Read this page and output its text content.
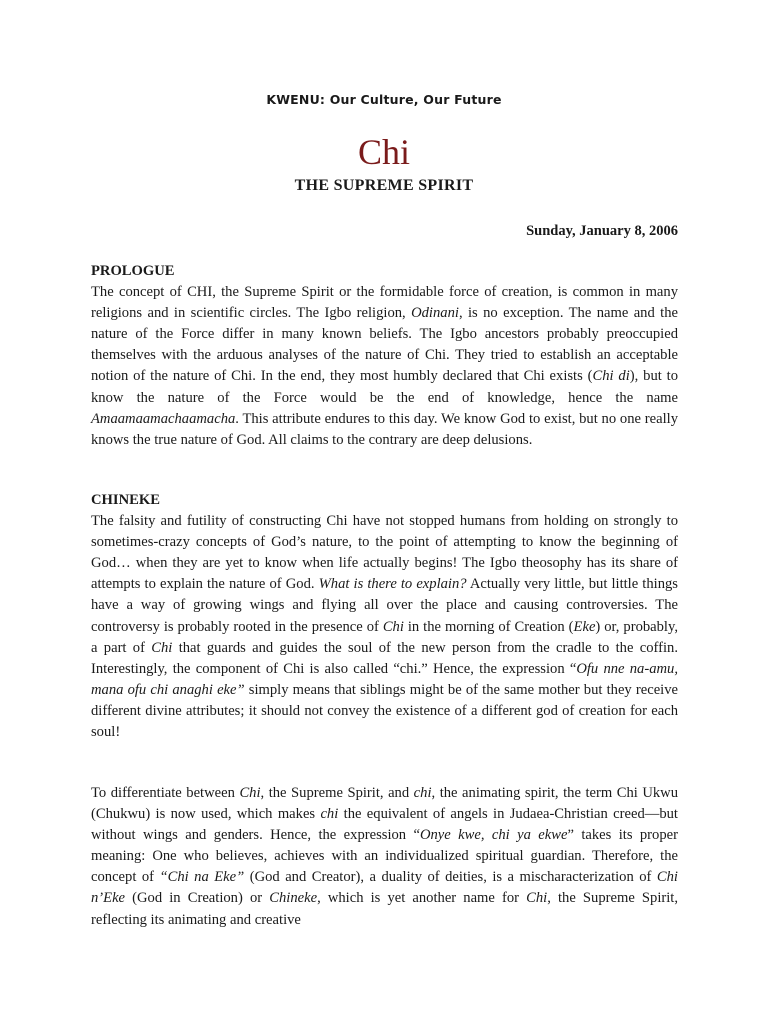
KWENU: Our Culture, Our Future
Chi
THE SUPREME SPIRIT
Sunday, January 8, 2006
PROLOGUE

The concept of CHI, the Supreme Spirit or the formidable force of creation, is common in many religions and in scientific circles. The Igbo religion, Odinani, is no exception. The name and the nature of the Force differ in many known beliefs. The Igbo ancestors probably preoccupied themselves with the arduous analyses of the nature of Chi. They tried to establish an acceptable notion of the nature of Chi. In the end, they most humbly declared that Chi exists (Chi di), but to know the nature of the Force would be the end of knowledge, hence the name Amaamaamachaamacha. This attribute endures to this day. We know God to exist, but no one really knows the true nature of God. All claims to the contrary are deep delusions.

CHINEKE

The falsity and futility of constructing Chi have not stopped humans from holding on strongly to sometimes-crazy concepts of God’s nature, to the point of attempting to know the beginning of God… when they are yet to know when life actually begins! The Igbo theosophy has its share of attempts to explain the nature of God. What is there to explain? Actually very little, but little things have a way of growing wings and flying all over the place and causing controversies. The controversy is probably rooted in the presence of Chi in the morning of Creation (Eke) or, probably, a part of Chi that guards and guides the soul of the new person from the cradle to the coffin. Interestingly, the component of Chi is also called “chi.” Hence, the expression “Ofu nne na-amu, mana ofu chi anaghi eke” simply means that siblings might be of the same mother but they receive different divine attributes; it should not convey the existence of a different god of creation for each soul!

To differentiate between Chi, the Supreme Spirit, and chi, the animating spirit, the term Chi Ukwu (Chukwu) is now used, which makes chi the equivalent of angels in Judaea-Christian creed—but without wings and genders. Hence, the expression “Onye kwe, chi ya ekwe” takes its proper meaning: One who believes, achieves with an individualized spiritual guardian. Therefore, the concept of “Chi na Eke” (God and Creator), a duality of deities, is a mischaracterization of Chi n’Eke (God in Creation) or Chineke, which is yet another name for Chi, the Supreme Spirit, reflecting its animating and creative
